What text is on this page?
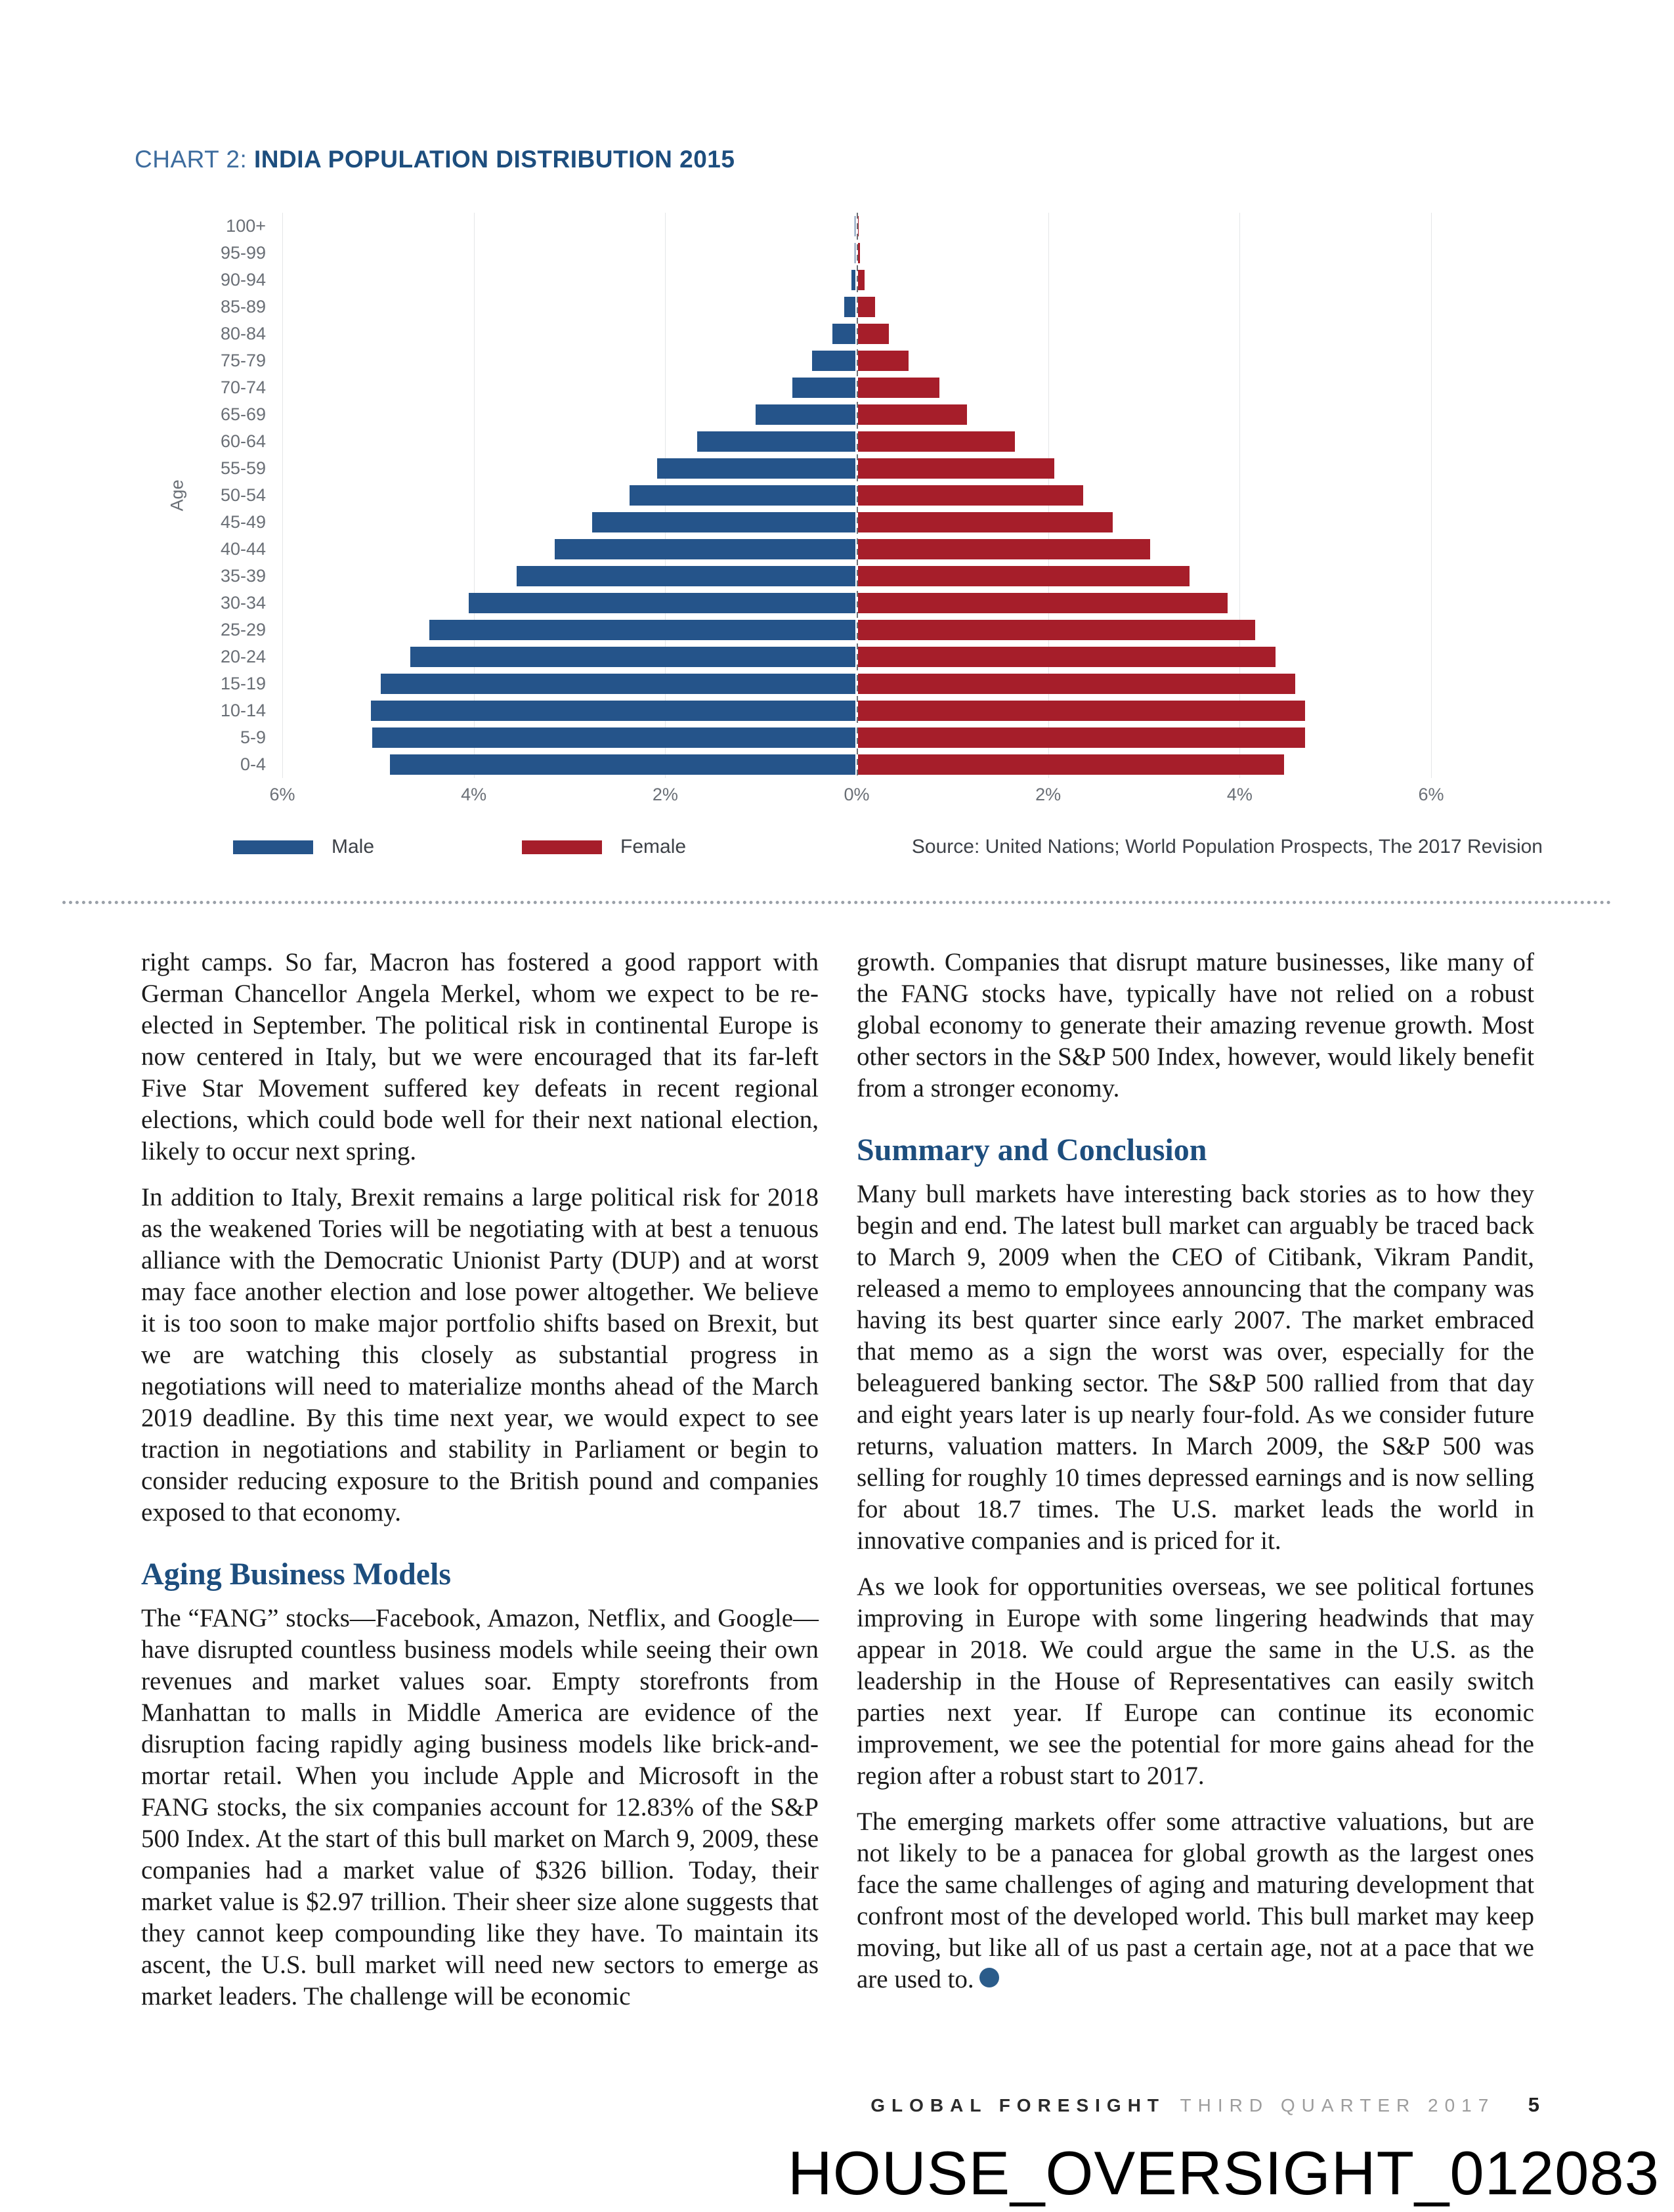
CHART 2: INDIA POPULATION DISTRIBUTION 2015
Age
100+
95-99
90-94
85-89
80-84
75-79
70-74
65-69
60-64
55-59
50-54
45-49
40-44
35-39
30-34
25-29
20-24
15-19
10-14
5-9
0-4
6%	4%	2%	0%	2%	4%	6%
Male	Female	Source: United Nations; World Population Prospects, The 2017 Revision

right camps. So far, Macron has fostered a good rapport with German Chancellor Angela Merkel, whom we expect to be re-elected in September. The political risk in continental Europe is now centered in Italy, but we were encouraged that its far-left Five Star Movement suffered key defeats in recent regional elections, which could bode well for their next national election, likely to occur next spring.

In addition to Italy, Brexit remains a large political risk for 2018 as the weakened Tories will be negotiating with at best a tenuous alliance with the Democratic Unionist Party (DUP) and at worst may face another election and lose power altogether. We believe it is too soon to make major portfolio shifts based on Brexit, but we are watching this closely as substantial progress in negotiations will need to materialize months ahead of the March 2019 deadline. By this time next year, we would expect to see traction in negotiations and stability in Parliament or begin to consider reducing exposure to the British pound and companies exposed to that economy.

Aging Business Models

The “FANG” stocks—Facebook, Amazon, Netflix, and Google—have disrupted countless business models while seeing their own revenues and market values soar. Empty storefronts from Manhattan to malls in Middle America are evidence of the disruption facing rapidly aging business models like brick-and-mortar retail. When you include Apple and Microsoft in the FANG stocks, the six companies account for 12.83% of the S&P 500 Index. At the start of this bull market on March 9, 2009, these companies had a market value of $326 billion. Today, their market value is $2.97 trillion. Their sheer size alone suggests that they cannot keep compounding like they have. To maintain its ascent, the U.S. bull market will need new sectors to emerge as market leaders. The challenge will be economic

growth. Companies that disrupt mature businesses, like many of the FANG stocks have, typically have not relied on a robust global economy to generate their amazing revenue growth. Most other sectors in the S&P 500 Index, however, would likely benefit from a stronger economy.

Summary and Conclusion

Many bull markets have interesting back stories as to how they begin and end. The latest bull market can arguably be traced back to March 9, 2009 when the CEO of Citibank, Vikram Pandit, released a memo to employees announcing that the company was having its best quarter since early 2007. The market embraced that memo as a sign the worst was over, especially for the beleaguered banking sector. The S&P 500 rallied from that day and eight years later is up nearly four-fold. As we consider future returns, valuation matters. In March 2009, the S&P 500 was selling for roughly 10 times depressed earnings and is now selling for about 18.7 times. The U.S. market leads the world in innovative companies and is priced for it.

As we look for opportunities overseas, we see political fortunes improving in Europe with some lingering headwinds that may appear in 2018. We could argue the same in the U.S. as the leadership in the House of Representatives can easily switch parties next year. If Europe can continue its economic improvement, we see the potential for more gains ahead for the region after a robust start to 2017.

The emerging markets offer some attractive valuations, but are not likely to be a panacea for global growth as the largest ones face the same challenges of aging and maturing development that confront most of the developed world. This bull market may keep moving, but like all of us past a certain age, not at a pace that we are used to.

GLOBAL FORESIGHT THIRD QUARTER 2017 5
HOUSE_OVERSIGHT_012083
